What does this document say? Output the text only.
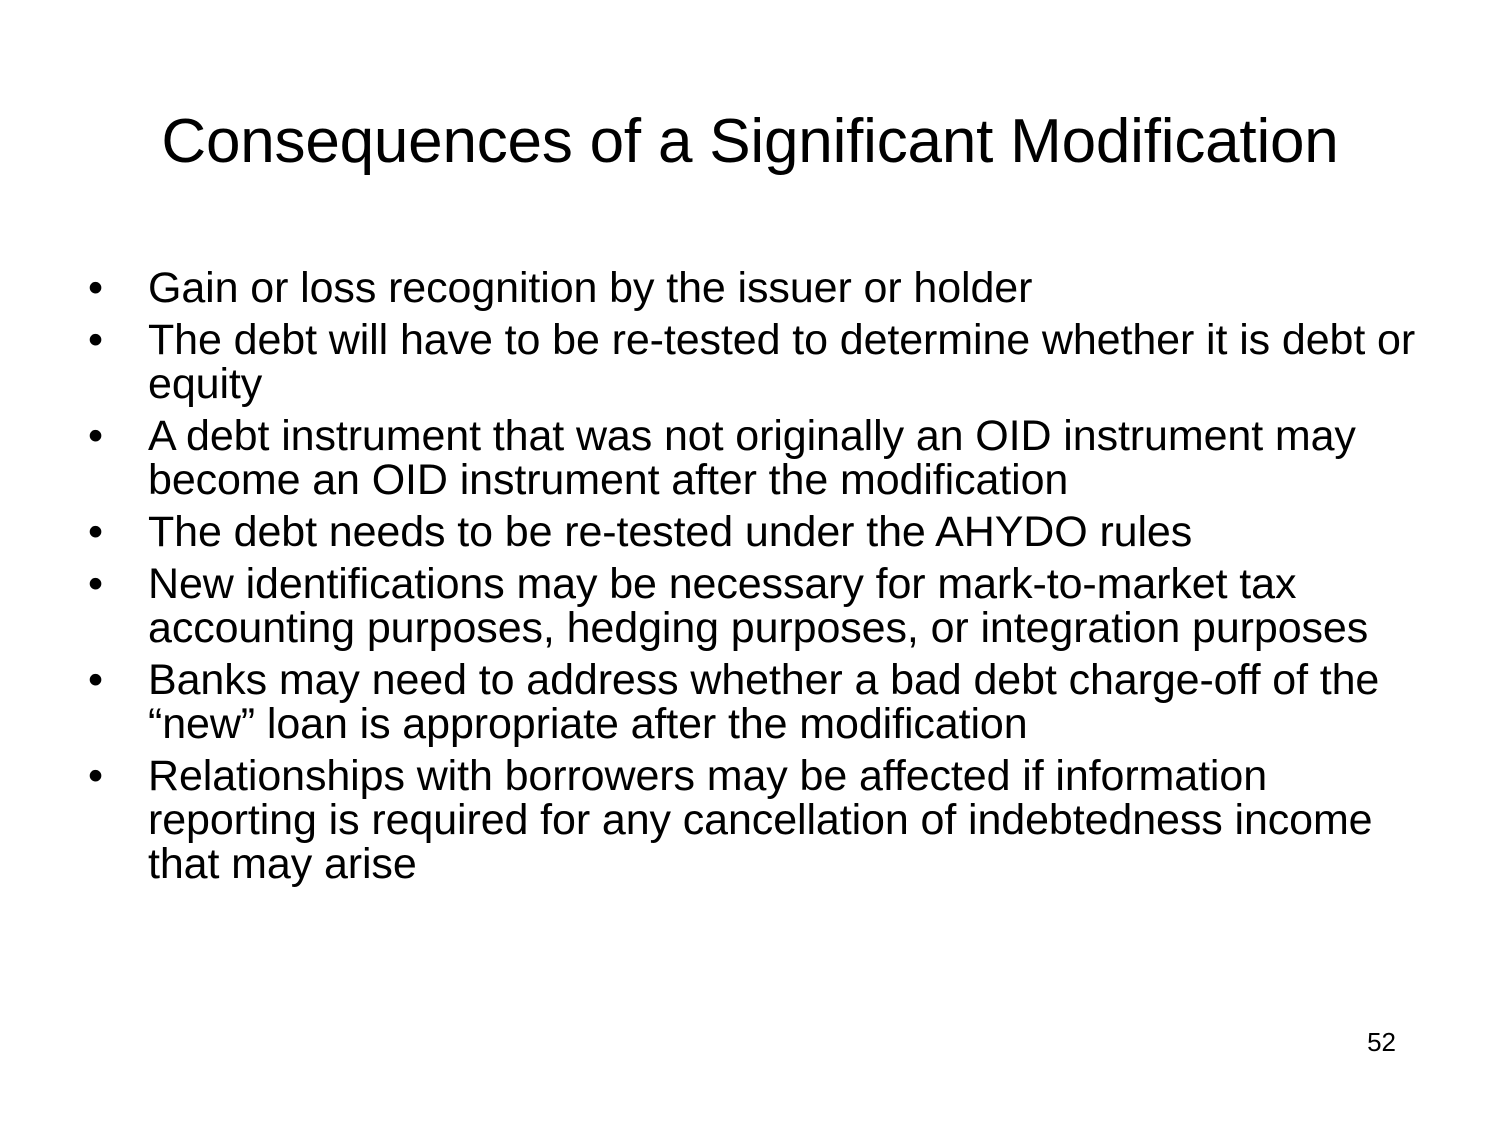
Consequences of a Significant Modification
•	Gain or loss recognition by the issuer or holder
•	The debt will have to be re-tested to determine whether it is debt or equity
•	A debt instrument that was not originally an OID instrument may become an OID instrument after the modification
•	The debt needs to be re-tested under the AHYDO rules
•	New identifications may be necessary for mark-to-market tax accounting purposes, hedging purposes, or integration purposes
•	Banks may need to address whether a bad debt charge-off of the “new” loan is appropriate after the modification
•	Relationships with borrowers may be affected if information reporting is required for any cancellation of indebtedness income that may arise
52
